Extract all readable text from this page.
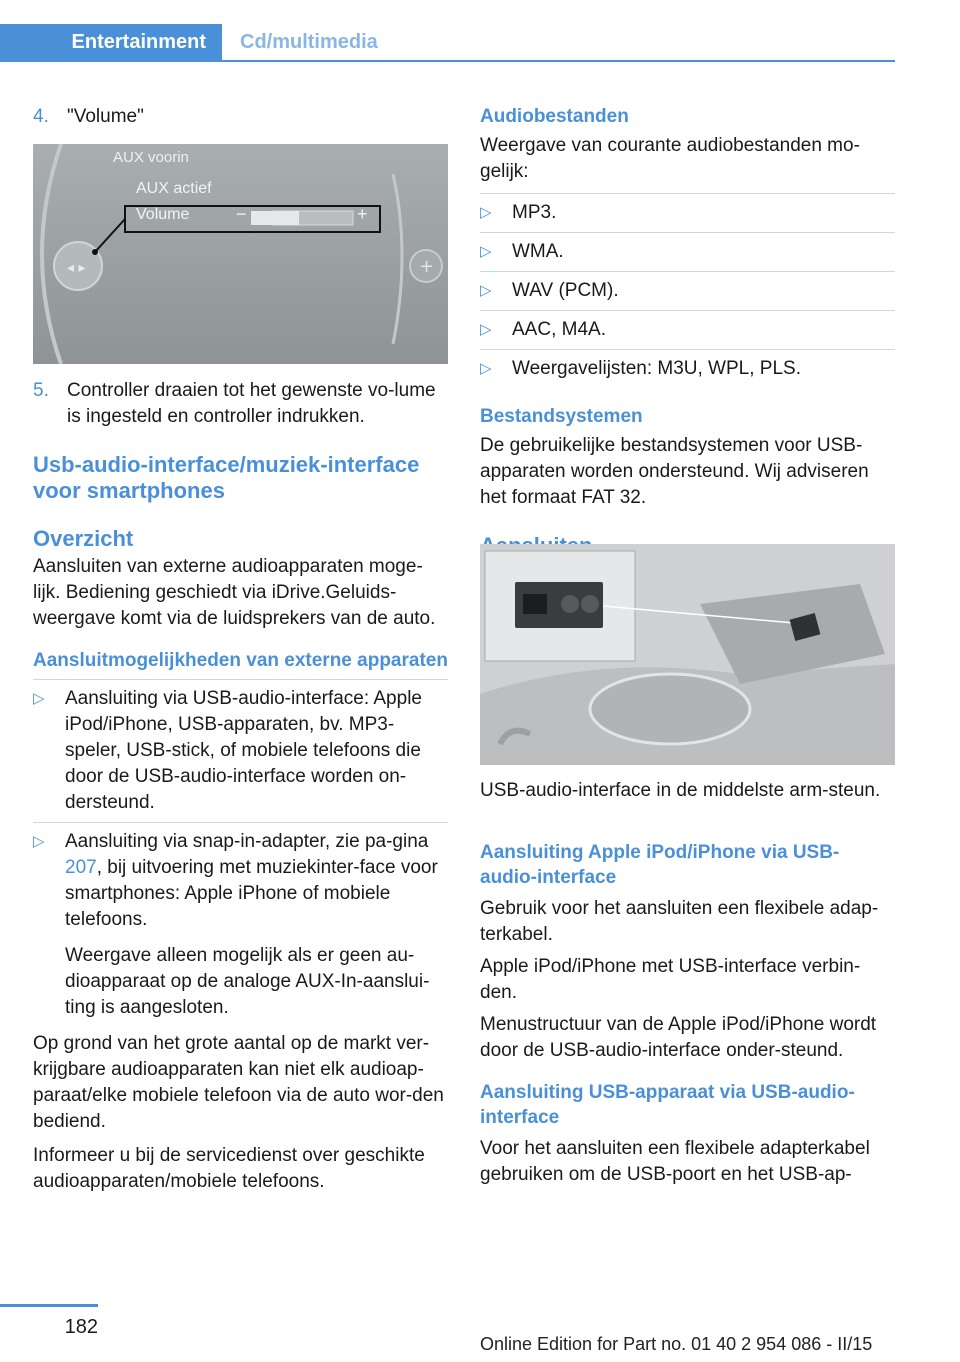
Entertainment	Cd/multimedia

4. "Volume"

◂ ▸	+
AUX voorin
AUX actief
Volume	−	+
5. Controller draaien tot het gewenste vo-lume is ingesteld en controller indrukken.
Usb-audio-interface/muziek-interface voor smartphones
Overzicht

Aansluiten van externe audioapparaten moge-lijk. Bediening geschiedt via iDrive.Geluids-weergave komt via de luidsprekers van de auto.

Aansluitmogelijkheden van externe apparaten
▷ Aansluiting via USB-audio-interface: Apple iPod/iPhone, USB-apparaten, bv. MP3-speler, USB-stick, of mobiele telefoons die door de USB-audio-interface worden on-dersteund.
▷ Aansluiting via snap-in-adapter, zie pa-gina 207, bij uitvoering met muziekinter-face voor smartphones: Apple iPhone of mobiele telefoons.

Weergave alleen mogelijk als er geen au-dioapparaat op de analoge AUX-In-aanslui-ting is aangesloten.

Op grond van het grote aantal op de markt ver-krijgbare audioapparaten kan niet elk audioap-paraat/elke mobiele telefoon via de auto wor-den bediend.

Informeer u bij de servicedienst over geschikte audioapparaten/mobiele telefoons.

Audiobestanden

Weergave van courante audiobestanden mo-gelijk:

▷ MP3.
▷ WMA.
▷ WAV (PCM).
▷ AAC, M4A.
▷ Weergavelijsten: M3U, WPL, PLS.
Bestandsystemen

De gebruikelijke bestandsystemen voor USB-apparaten worden ondersteund. Wij adviseren het formaat FAT 32.

USB-audio-interface in de middelste arm-steun.

Aansluiting Apple iPod/iPhone via USB-audio-interface

Gebruik voor het aansluiten een flexibele adap-terkabel.

Apple iPod/iPhone met USB-interface verbin-den.

Menustructuur van de Apple iPod/iPhone wordt door de USB-audio-interface onder-steund.

Aansluiting USB-apparaat via USB-audio-interface

Voor het aansluiten een flexibele adapterkabel gebruiken om de USB-poort en het USB-ap-

182
Online Edition for Part no. 01 40 2 954 086 - II/15
